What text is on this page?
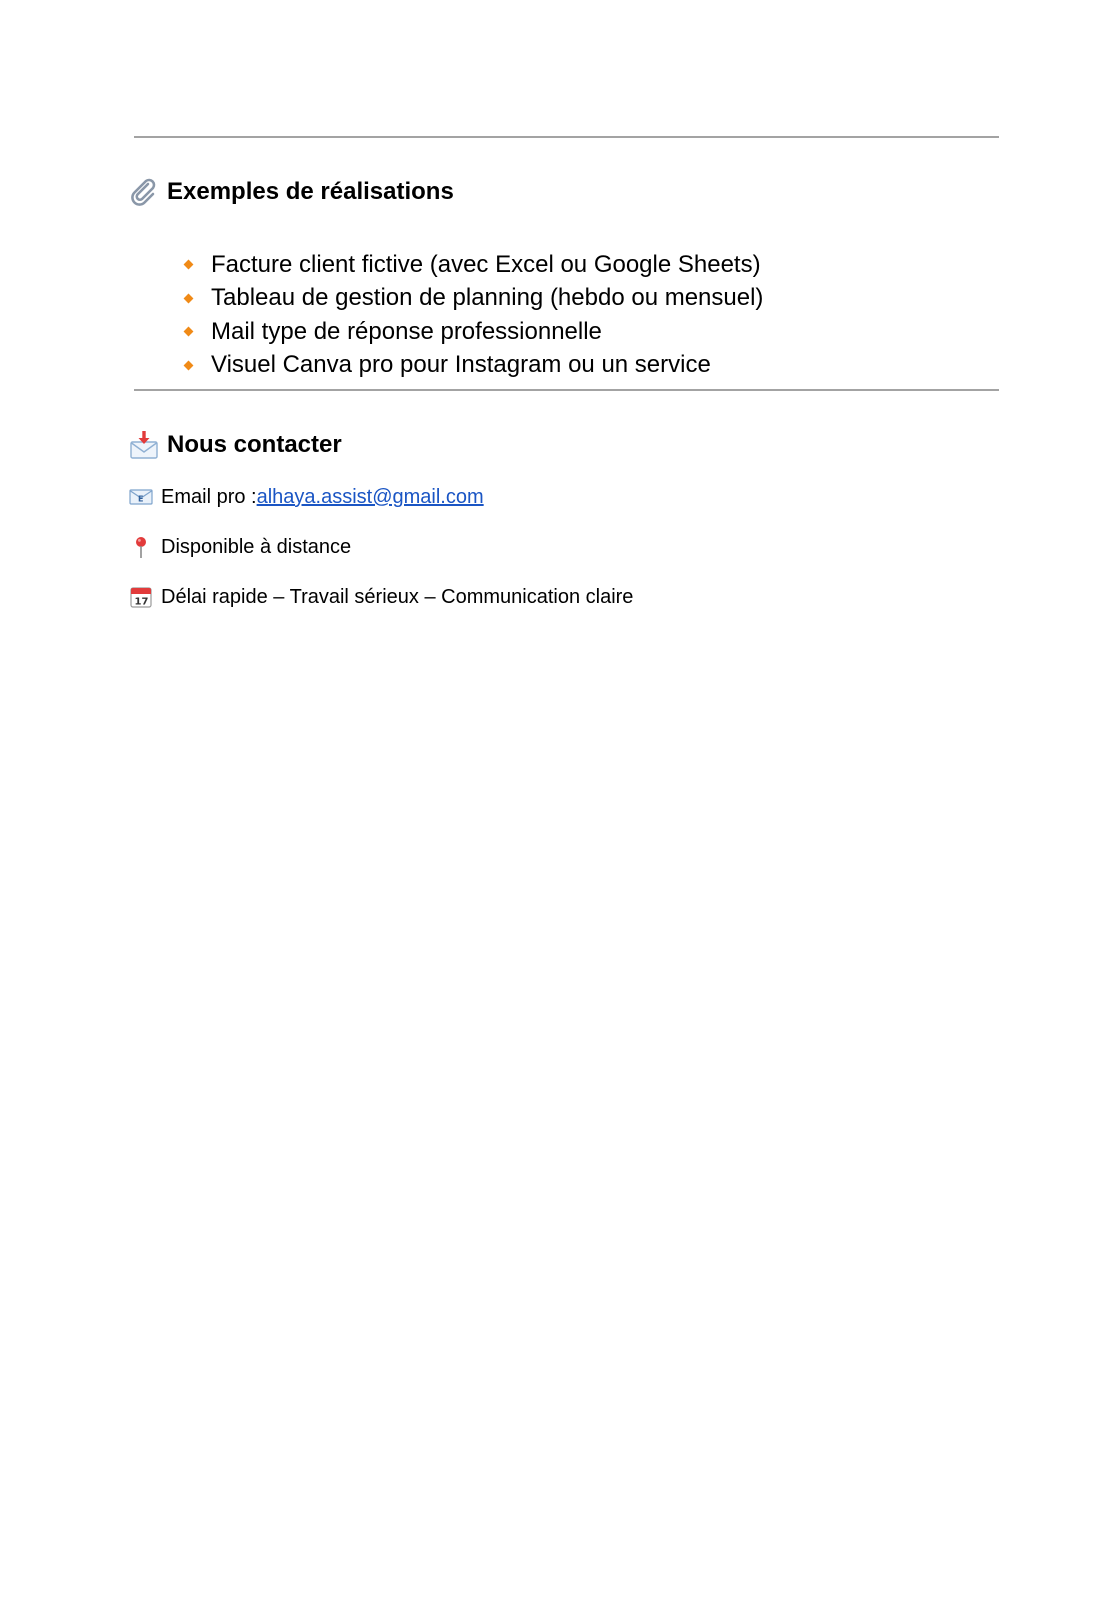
Exemples de réalisations
Facture client fictive (avec Excel ou Google Sheets)
Tableau de gestion de planning (hebdo ou mensuel)
Mail type de réponse professionnelle
Visuel Canva pro pour Instagram ou un service
Nous contacter
E Email pro : alhaya.assist@gmail.com
Disponible à distance
17 Délai rapide – Travail sérieux – Communication claire
